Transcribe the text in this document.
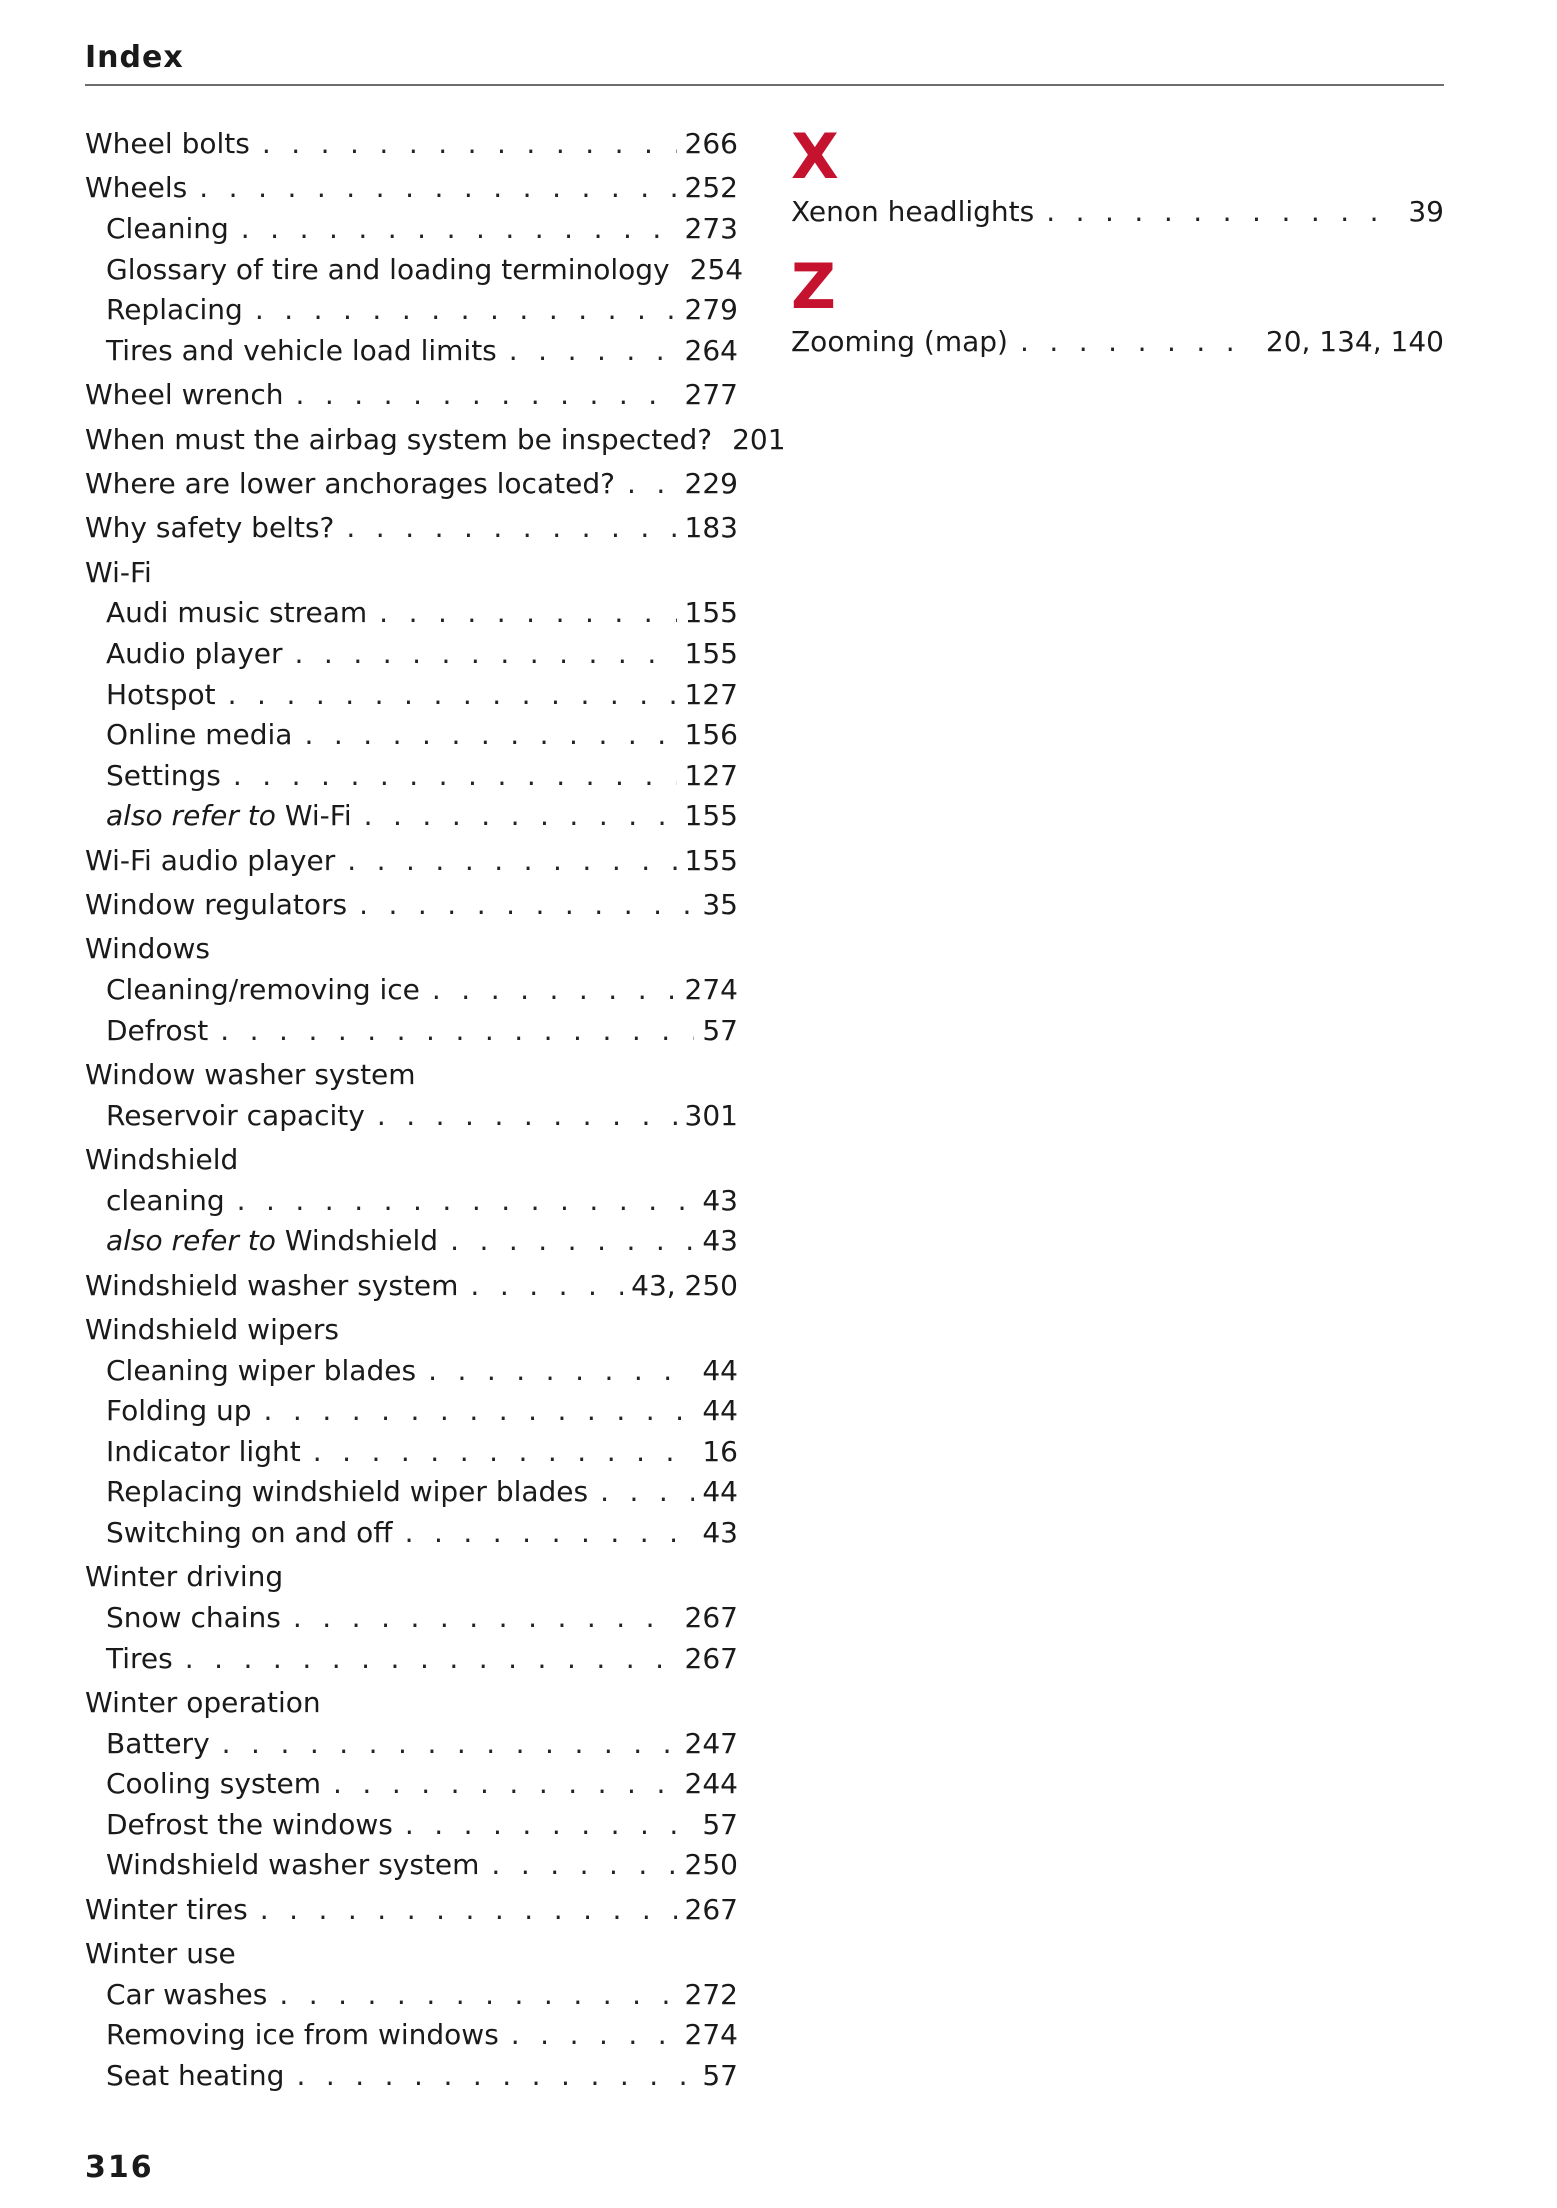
Index
Wheel bolts . . .	266
Wheels . . .	252
Cleaning . . .	273
Glossary of tire and loading terminology 254
Replacing . . .	279
Tires and vehicle load limits . . .	264
Wheel wrench . . .	277
When must the airbag system be inspected? 201
Where are lower anchorages located? . . . 229
Why safety belts? . . .	183
Wi-Fi
Audi music stream . . .	155
Audio player . . .	155
Hotspot . . .	127
Online media . . .	156
Settings . . .	127
also refer to Wi-Fi . . .	155
Wi-Fi audio player . . .	155
Window regulators . . .	35
Windows
Cleaning/removing ice . . .	274
Defrost . . .	57
Window washer system
Reservoir capacity . . .	301
Windshield
cleaning . . .	43
also refer to Windshield . . .	43
Windshield washer system . . .	43, 250
Windshield wipers
Cleaning wiper blades . . .	44
Folding up . . .	44
Indicator light . . .	16
Replacing windshield wiper blades . . .	44
Switching on and off . . .	43
Winter driving
Snow chains . . .	267
Tires . . .	267
Winter operation
Battery . . .	247
Cooling system . . .	244
Defrost the windows . . .	57
Windshield washer system . . .	250
Winter tires . . .	267
Winter use
Car washes . . .	272
Removing ice from windows . . .	274
Seat heating . . .	57
X
Xenon headlights . . .	39
Z
Zooming (map) . . .	20, 134, 140
316
